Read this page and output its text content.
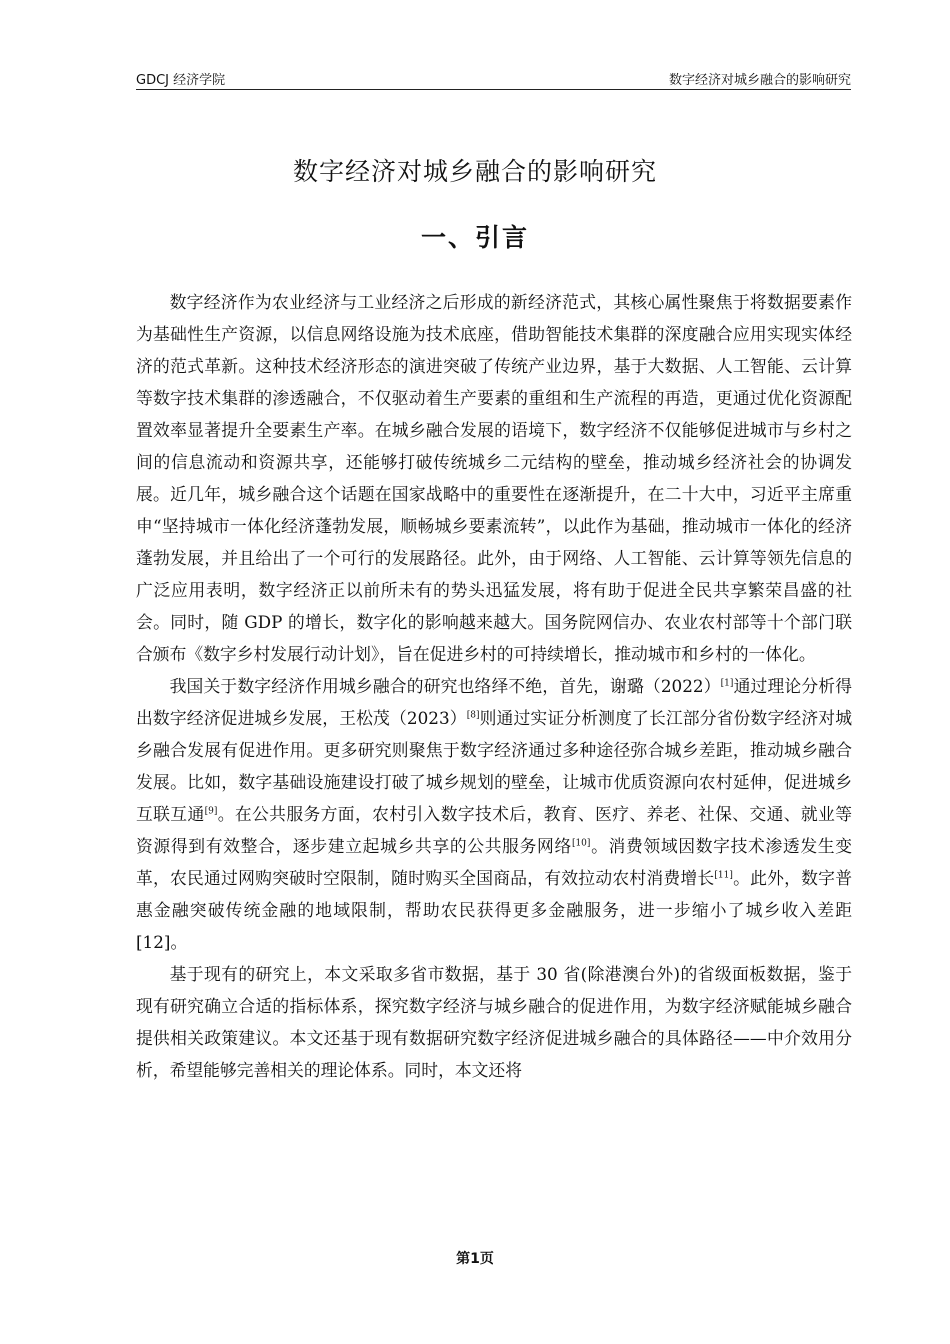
GDCJ 经济学院	数字经济对城乡融合的影响研究
数字经济对城乡融合的影响研究
一、引言

数字经济作为农业经济与工业经济之后形成的新经济范式，其核心属性聚焦于将数据要素作为基础性生产资源，以信息网络设施为技术底座，借助智能技术集群的深度融合应用实现实体经济的范式革新。这种技术经济形态的演进突破了传统产业边界，基于大数据、人工智能、云计算等数字技术集群的渗透融合，不仅驱动着生产要素的重组和生产流程的再造，更通过优化资源配置效率显著提升全要素生产率。在城乡融合发展的语境下，数字经济不仅能够促进城市与乡村之间的信息流动和资源共享，还能够打破传统城乡二元结构的壁垒，推动城乡经济社会的协调发展。近几年，城乡融合这个话题在国家战略中的重要性在逐渐提升，在二十大中，习近平主席重申“坚持城市一体化经济蓬勃发展，顺畅城乡要素流转”，以此作为基础，推动城市一体化的经济蓬勃发展，并且给出了一个可行的发展路径。此外，由于网络、人工智能、云计算等领先信息的广泛应用表明，数字经济正以前所未有的势头迅猛发展，将有助于促进全民共享繁荣昌盛的社会。同时，随 GDP 的增长，数字化的影响越来越大。国务院网信办、农业农村部等十个部门联合颁布《数字乡村发展行动计划》，旨在促进乡村的可持续增长，推动城市和乡村的一体化。

我国关于数字经济作用城乡融合的研究也络绎不绝，首先，谢璐（2022）[1]通过理论分析得出数字经济促进城乡发展，王松茂（2023）[8]则通过实证分析测度了长江部分省份数字经济对城乡融合发展有促进作用。更多研究则聚焦于数字经济通过多种途径弥合城乡差距，推动城乡融合发展。比如，数字基础设施建设打破了城乡规划的壁垒，让城市优质资源向农村延伸，促进城乡互联互通[9]。在公共服务方面，农村引入数字技术后，教育、医疗、养老、社保、交通、就业等资源得到有效整合，逐步建立起城乡共享的公共服务网络[10]。消费领域因数字技术渗透发生变革，农民通过网购突破时空限制，随时购买全国商品，有效拉动农村消费增长[11]。此外，数字普惠金融突破传统金融的地域限制，帮助农民获得更多金融服务，进一步缩小了城乡收入差距[12]。

基于现有的研究上，本文采取多省市数据，基于 30 省(除港澳台外)的省级面板数据，鉴于现有研究确立合适的指标体系，探究数字经济与城乡融合的促进作用，为数字经济赋能城乡融合提供相关政策建议。本文还基于现有数据研究数字经济促进城乡融合的具体路径——中介效用分析，希望能够完善相关的理论体系。同时，本文还将

第1页
